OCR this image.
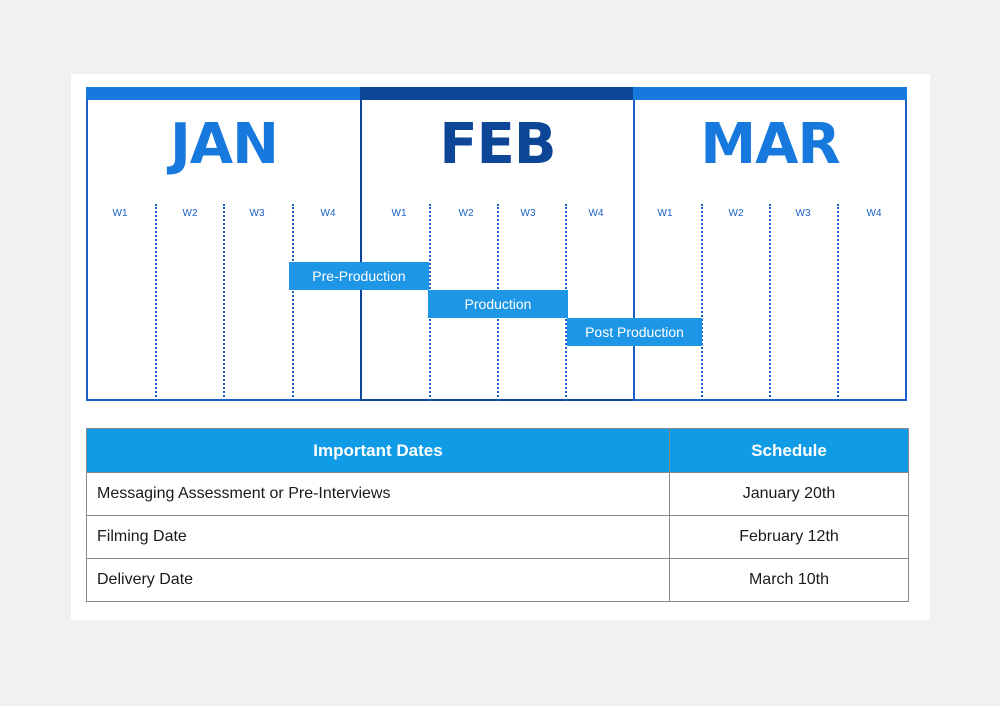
JAN
W1	W2	W3	W4
FEB
W1	W2	W3	W4
MAR
W1	W2	W3	W4
Pre-Production
Production
Post Production
Important Dates	Schedule
Messaging Assessment or Pre-Interviews	January 20th
Filming Date	February 12th
Delivery Date	March 10th
